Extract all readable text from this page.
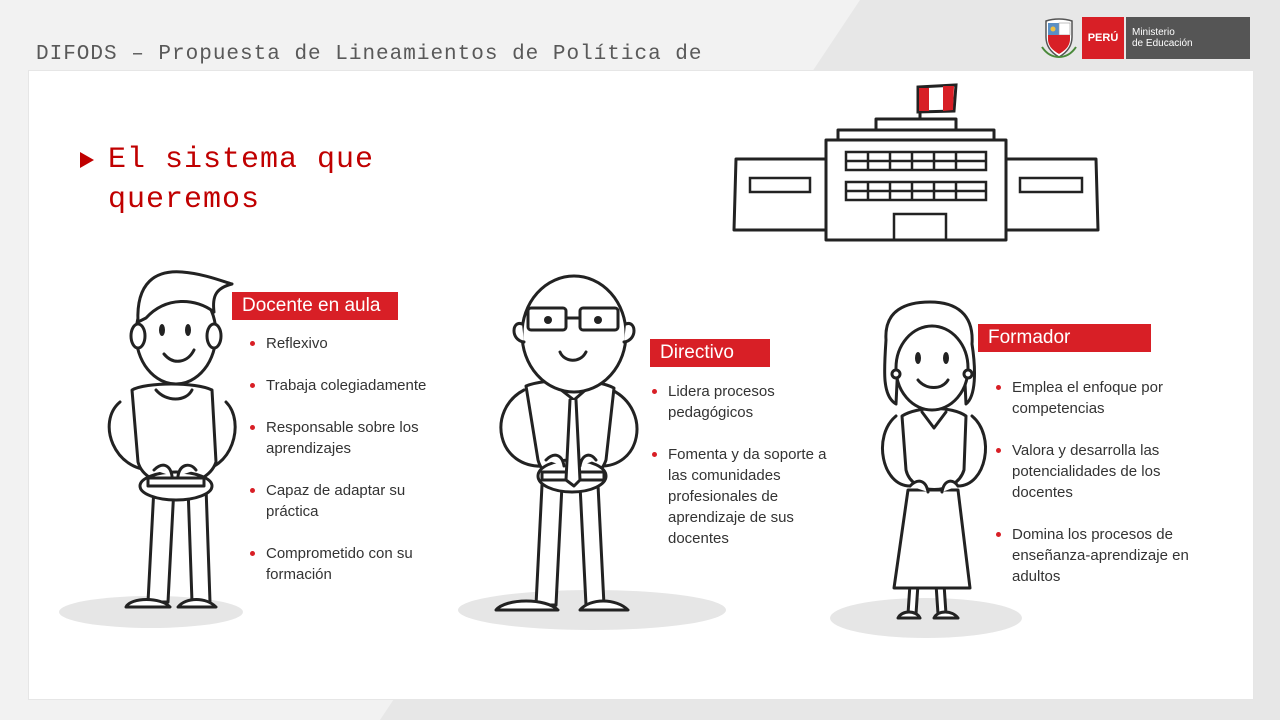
DIFODS – Propuesta de Lineamientos de Política de
PERÚ	Ministerio
de Educación
El sistema que
queremos
Docente en aula
Reflexivo
Trabaja colegiadamente
Responsable sobre los aprendizajes
Capaz de adaptar su práctica
Comprometido con su formación
Directivo
Lidera procesos pedagógicos
Fomenta y da soporte a las comunidades profesionales de aprendizaje de sus docentes
Formador
Emplea el enfoque por competencias
Valora y desarrolla las potencialidades de los docentes
Domina los procesos de enseñanza-aprendizaje en adultos
